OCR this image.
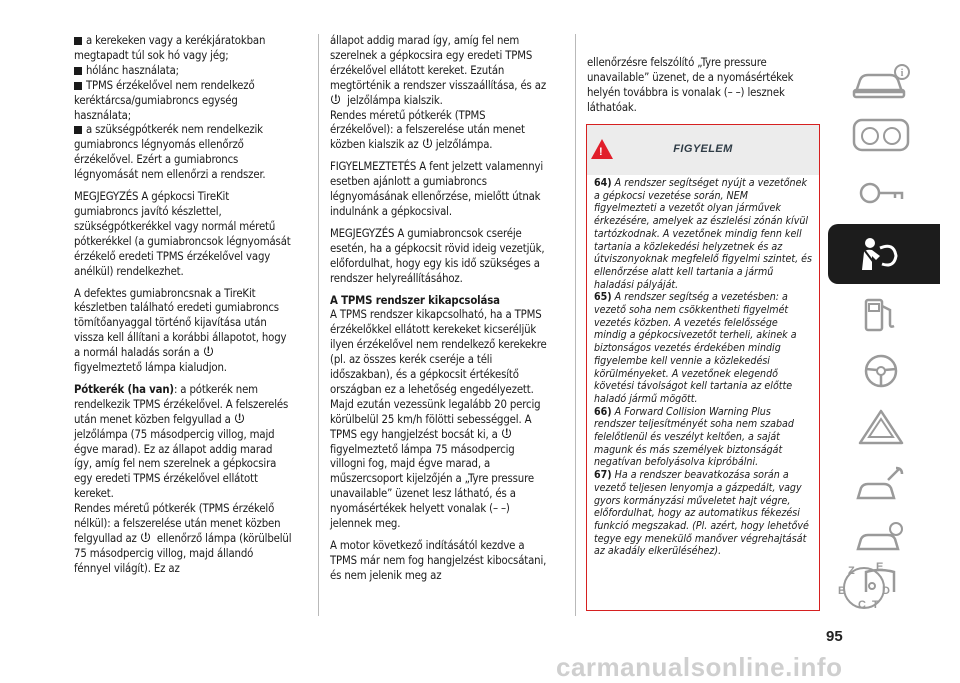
a kerekeken vagy a kerékjáratokban megtapadt túl sok hó vagy jég;

hólánc használata;

TPMS érzékelővel nem rendelkező keréktárcsa/gumiabroncs egység használata;

a szükségpótkerék nem rendelkezik gumiabroncs légnyomás ellenőrző érzékelővel. Ezért a gumiabroncs légnyomását nem ellenőrzi a rendszer.

MEGJEGYZÉS A gépkocsi TireKit gumiabroncs javító készlettel, szükségpótkerékkel vagy normál méretű pótkerékkel (a gumiabroncsok légnyomását érzékelő eredeti TPMS érzékelővel vagy anélkül) rendelkezhet.

A defektes gumiabroncsnak a TireKit készletben található eredeti gumiabroncs tömítőanyaggal történő kijavítása után vissza kell állítani a korábbi állapotot, hogy a normál haladás során a !
figyelmeztető lámpa kialudjon.

Pótkerék (ha van): a pótkerék nem rendelkezik TPMS érzékelővel. A felszerelés után menet közben felgyullad a ! jelzőlámpa (75 másodpercig villog, majd égve marad). Ez az állapot addig marad így, amíg fel nem szerelnek a gépkocsira egy eredeti TPMS érzékelővel ellátott kereket.

Rendes méretű pótkerék (TPMS érzékelő nélkül): a felszerelése után menet közben felgyullad az ! ellenőrző lámpa (körülbelül 75 másodpercig villog, majd állandó fénnyel világít). Ez az

állapot addig marad így, amíg fel nem szerelnek a gépkocsira egy eredeti TPMS érzékelővel ellátott kereket. Ezután megtörténik a rendszer visszaállítása, és az ! jelzőlámpa kialszik.

Rendes méretű pótkerék (TPMS érzékelővel): a felszerelése után menet közben kialszik az ! jelzőlámpa.

FIGYELMEZTETÉS A fent jelzett valamennyi esetben ajánlott a gumiabroncs légnyomásának ellenőrzése, mielőtt útnak indulnánk a gépkocsival.

MEGJEGYZÉS A gumiabroncsok cseréje esetén, ha a gépkocsit rövid ideig vezetjük, előfordulhat, hogy egy kis idő szükséges a rendszer helyreállításához.

A TPMS rendszer kikapcsolása

A TPMS rendszer kikapcsolható, ha a TPMS érzékelőkkel ellátott kerekeket kicseréljük ilyen érzékelővel nem rendelkező kerekekre (pl. az összes kerék cseréje a téli időszakban), és a gépkocsit értékesítő országban ez a lehetőség engedélyezett. Majd ezután vezessünk legalább 20 percig körülbelül 25 km/h fölötti sebességgel. A TPMS egy hangjelzést bocsát ki, a ! figyelmeztető lámpa 75 másodpercig villogni fog, majd égve marad, a műszercsoport kijelzőjén a „Tyre pressure unavailable” üzenet lesz látható, és a nyomásértékek helyett vonalak (– –) jelennek meg.

A motor következő indításától kezdve a TPMS már nem fog hangjelzést kibocsátani, és nem jelenik meg az

ellenőrzésre felszólító „Tyre pressure unavailable” üzenet, de a nyomásértékek helyén továbbra is vonalak (– –) lesznek láthatóak.

!	FIGYELEM

64) A rendszer segítséget nyújt a vezetőnek a gépkocsi vezetése során, NEM figyelmezteti a vezetőt olyan járművek érkezésére, amelyek az észlelési zónán kívül tartózkodnak. A vezetőnek mindig fenn kell tartania a közlekedési helyzetnek és az útviszonyoknak megfelelő figyelmi szintet, és ellenőrzése alatt kell tartania a jármű haladási pályáját.

65) A rendszer segítség a vezetésben: a vezető soha nem csökkentheti figyelmét vezetés közben. A vezetés felelőssége mindig a gépkocsivezetőt terheli, akinek a biztonságos vezetés érdekében mindig figyelembe kell vennie a közlekedési körülményeket. A vezetőnek elegendő követési távolságot kell tartania az előtte haladó jármű mögött.

66) A Forward Collision Warning Plus rendszer teljesítményét soha nem szabad felelőtlenül és veszélyt keltően, a saját magunk és más személyek biztonságát negatívan befolyásolva kipróbálni.

67) Ha a rendszer beavatkozása során a vezető teljesen lenyomja a gázpedált, vagy gyors kormányzási műveletet hajt végre, előfordulhat, hogy az automatikus fékezési funkció megszakad. (Pl. azért, hogy lehetővé tegye egy menekülő manőver végrehajtását az akadály elkerüléséhez).

i
Z
B
E
C T
D
95
carmanualsonline.info
